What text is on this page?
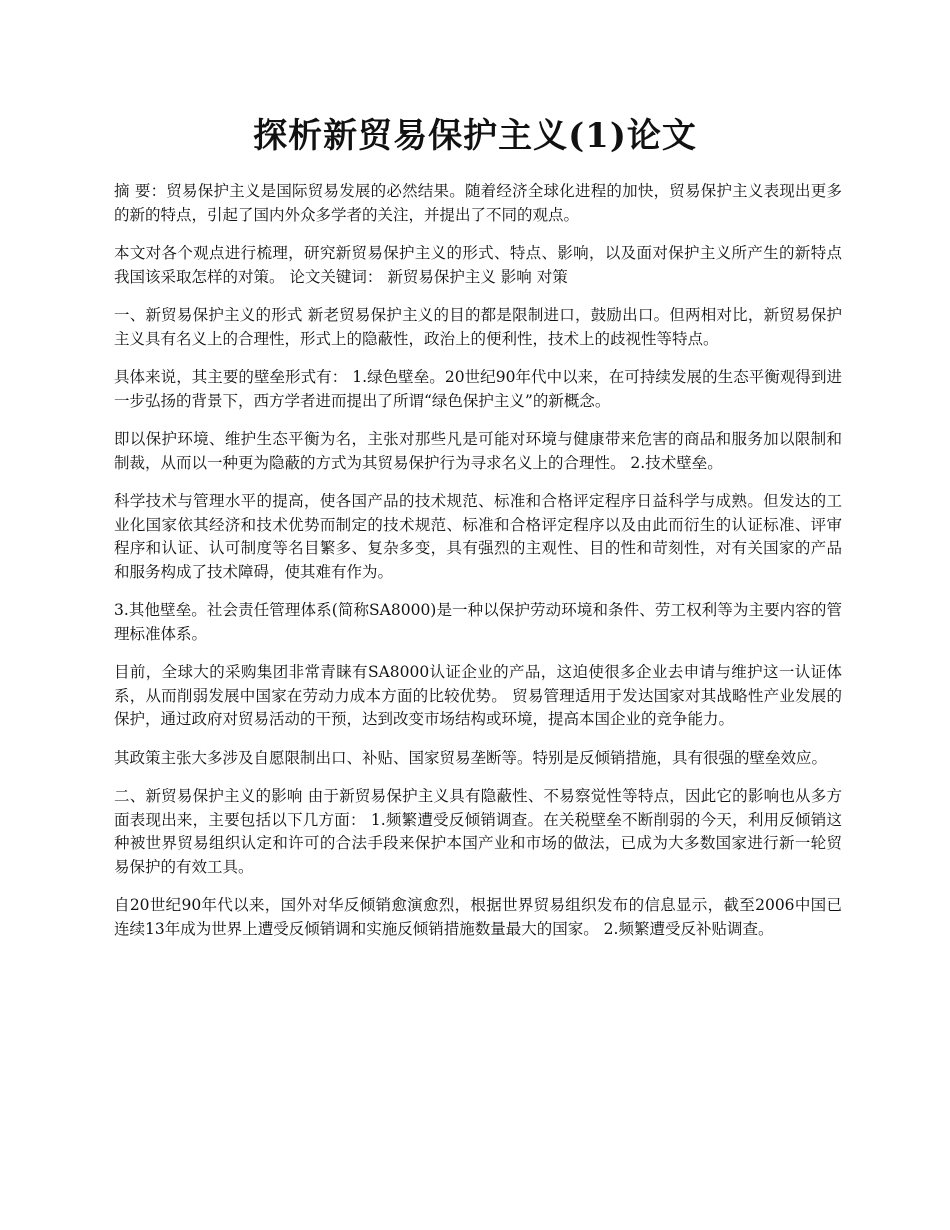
探析新贸易保护主义(1)论文

摘 要：贸易保护主义是国际贸易发展的必然结果。随着经济全球化进程的加快，贸易保护主义表现出更多的新的特点，引起了国内外众多学者的关注，并提出了不同的观点。

本文对各个观点进行梳理，研究新贸易保护主义的形式、特点、影响，以及面对保护主义所产生的新特点我国该采取怎样的对策。 论文关键词： 新贸易保护主义 影响 对策

一、新贸易保护主义的形式 新老贸易保护主义的目的都是限制进口，鼓励出口。但两相对比，新贸易保护主义具有名义上的合理性，形式上的隐蔽性，政治上的便利性，技术上的歧视性等特点。

具体来说，其主要的壁垒形式有： 1.绿色壁垒。20世纪90年代中以来，在可持续发展的生态平衡观得到进一步弘扬的背景下，西方学者进而提出了所谓“绿色保护主义”的新概念。

即以保护环境、维护生态平衡为名，主张对那些凡是可能对环境与健康带来危害的商品和服务加以限制和制裁，从而以一种更为隐蔽的方式为其贸易保护行为寻求名义上的合理性。 2.技术壁垒。

科学技术与管理水平的提高，使各国产品的技术规范、标准和合格评定程序日益科学与成熟。但发达的工业化国家依其经济和技术优势而制定的技术规范、标准和合格评定程序以及由此而衍生的认证标准、评审程序和认证、认可制度等名目繁多、复杂多变，具有强烈的主观性、目的性和苛刻性，对有关国家的产品和服务构成了技术障碍，使其难有作为。

3.其他壁垒。社会责任管理体系(简称SA8000)是一种以保护劳动环境和条件、劳工权利等为主要内容的管理标准体系。

目前，全球大的采购集团非常青睐有SA8000认证企业的产品，这迫使很多企业去申请与维护这一认证体系，从而削弱发展中国家在劳动力成本方面的比较优势。 贸易管理适用于发达国家对其战略性产业发展的保护，通过政府对贸易活动的干预，达到改变市场结构或环境，提高本国企业的竞争能力。

其政策主张大多涉及自愿限制出口、补贴、国家贸易垄断等。特别是反倾销措施，具有很强的壁垒效应。

二、新贸易保护主义的影响 由于新贸易保护主义具有隐蔽性、不易察觉性等特点，因此它的影响也从多方面表现出来，主要包括以下几方面： 1.频繁遭受反倾销调查。在关税壁垒不断削弱的今天，利用反倾销这种被世界贸易组织认定和许可的合法手段来保护本国产业和市场的做法，已成为大多数国家进行新一轮贸易保护的有效工具。

自20世纪90年代以来，国外对华反倾销愈演愈烈，根据世界贸易组织发布的信息显示，截至2006中国已连续13年成为世界上遭受反倾销调和实施反倾销措施数量最大的国家。 2.频繁遭受反补贴调查。
